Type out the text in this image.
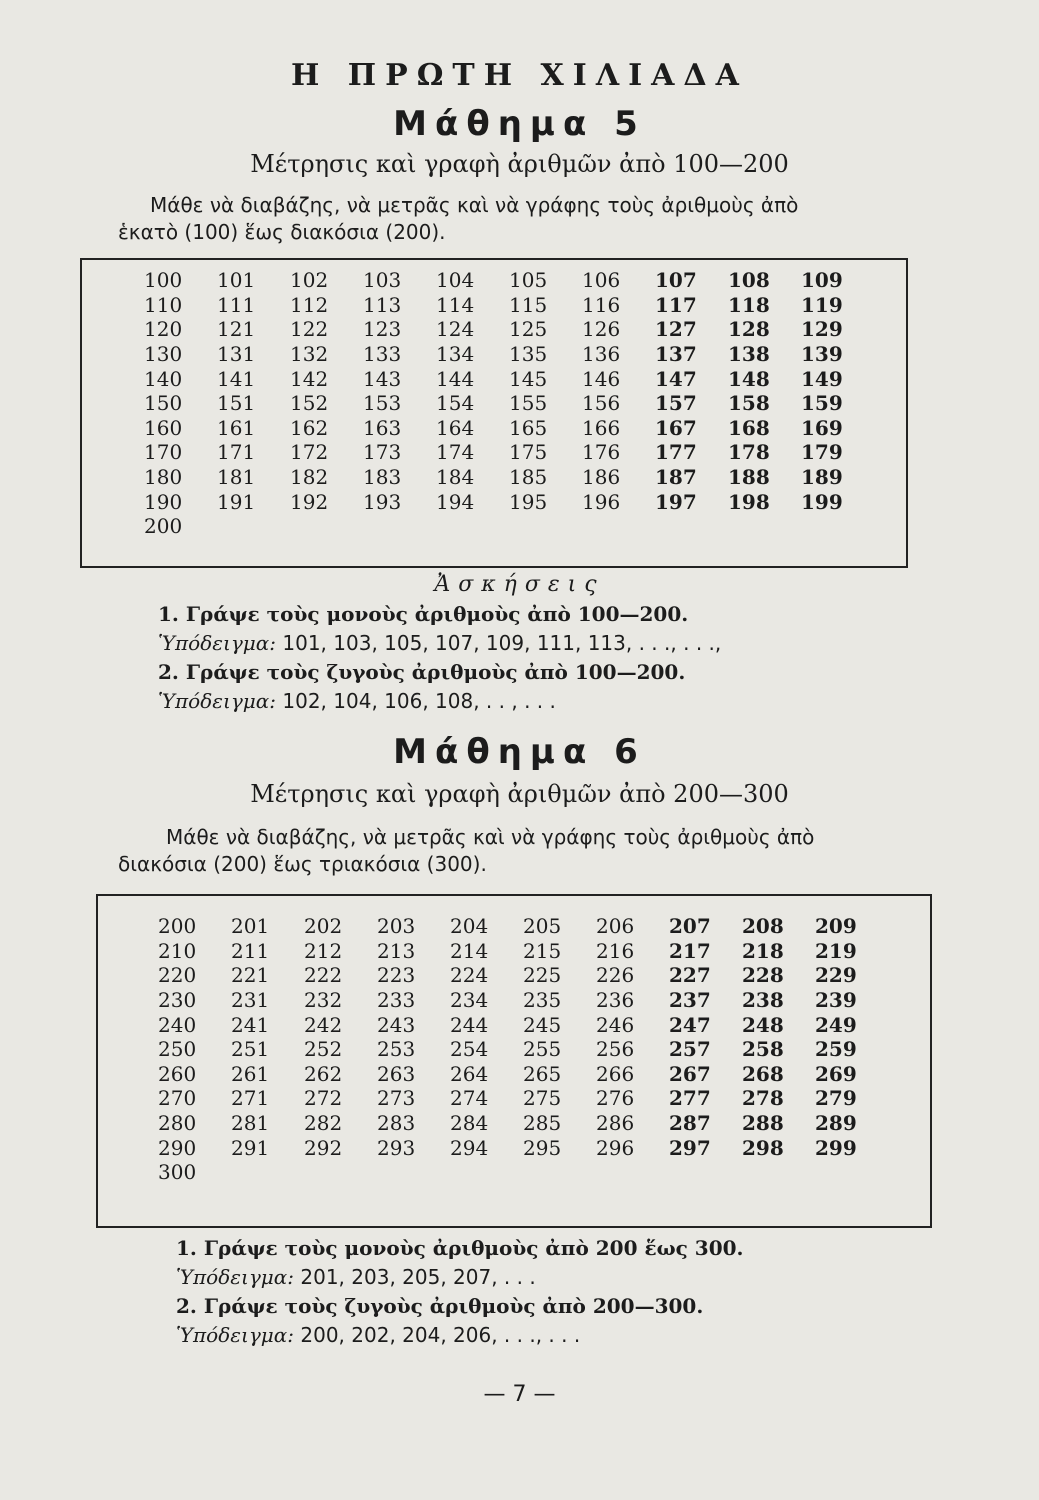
Η ΠΡΩΤΗ ΧΙΛΙΑΔΑ
Μάθημα 5
Μέτρησις καὶ γραφὴ ἀριθμῶν ἀπὸ 100—200
Μάθε νὰ διαβάζης, νὰ μετρᾶς καὶ νὰ γράφης τοὺς ἀριθμοὺς ἀπὸ
ἑκατὸ (100) ἕως διακόσια (200).
100	101	102	103	104	105	106	107	108	109
110	111	112	113	114	115	116	117	118	119
120	121	122	123	124	125	126	127	128	129
130	131	132	133	134	135	136	137	138	139
140	141	142	143	144	145	146	147	148	149
150	151	152	153	154	155	156	157	158	159
160	161	162	163	164	165	166	167	168	169
170	171	172	173	174	175	176	177	178	179
180	181	182	183	184	185	186	187	188	189
190	191	192	193	194	195	196	197	198	199
200									
Ἀσκήσεις
1. Γράψε τοὺς μονοὺς ἀριθμοὺς ἀπὸ 100—200.
Ὑπόδειγμα: 101, 103, 105, 107, 109, 111, 113, . . ., . . .,
2. Γράψε τοὺς ζυγοὺς ἀριθμοὺς ἀπὸ 100—200.
Ὑπόδειγμα: 102, 104, 106, 108, . . , . . .
Μάθημα 6
Μέτρησις καὶ γραφὴ ἀριθμῶν ἀπὸ 200—300
Μάθε νὰ διαβάζης, νὰ μετρᾶς καὶ νὰ γράφης τοὺς ἀριθμοὺς ἀπὸ
διακόσια (200) ἕως τριακόσια (300).
200	201	202	203	204	205	206	207	208	209
210	211	212	213	214	215	216	217	218	219
220	221	222	223	224	225	226	227	228	229
230	231	232	233	234	235	236	237	238	239
240	241	242	243	244	245	246	247	248	249
250	251	252	253	254	255	256	257	258	259
260	261	262	263	264	265	266	267	268	269
270	271	272	273	274	275	276	277	278	279
280	281	282	283	284	285	286	287	288	289
290	291	292	293	294	295	296	297	298	299
300									
1. Γράψε τοὺς μονοὺς ἀριθμοὺς ἀπὸ 200 ἕως 300.
Ὑπόδειγμα: 201, 203, 205, 207, . . .
2. Γράψε τοὺς ζυγοὺς ἀριθμοὺς ἀπὸ 200—300.
Ὑπόδειγμα: 200, 202, 204, 206, . . ., . . .
— 7 —
